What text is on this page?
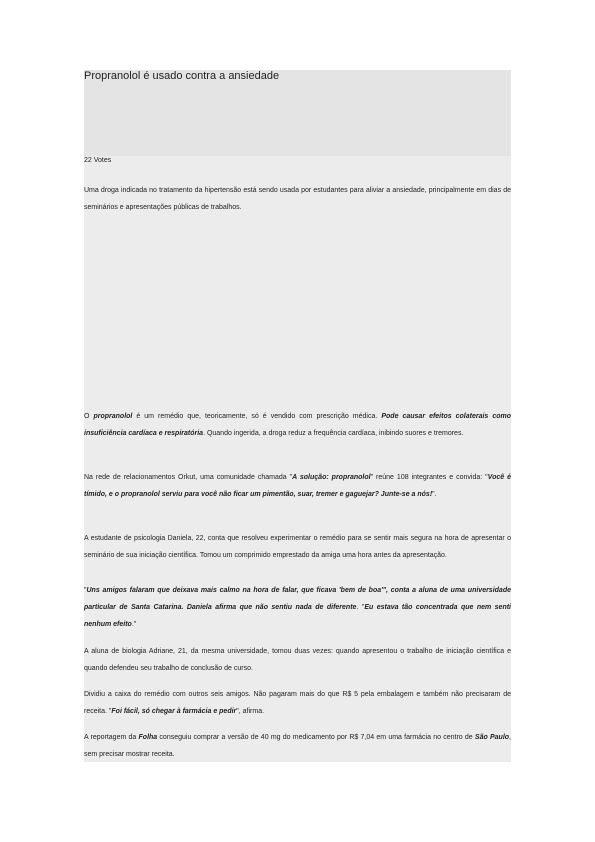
Propranolol é usado contra a ansiedade
22 Votes

Uma droga indicada no tratamento da hipertensão está sendo usada por estudantes para aliviar a ansiedade, principalmente em dias de seminários e apresentações públicas de trabalhos.

O propranolol é um remédio que, teoricamente, só é vendido com prescrição médica. Pode causar efeitos colaterais como insuficiência cardíaca e respiratória. Quando ingerida, a droga reduz a frequência cardíaca, inibindo suores e tremores.

Na rede de relacionamentos Orkut, uma comunidade chamada "A solução: propranolol" reúne 108 integrantes e convida: "Você é tímido, e o propranolol serviu para você não ficar um pimentão, suar, tremer e gaguejar? Junte-se a nós!".

A estudante de psicologia Daniela, 22, conta que resolveu experimentar o remédio para se sentir mais segura na hora de apresentar o seminário de sua iniciação científica. Tomou um comprimido emprestado da amiga uma hora antes da apresentação.

"Uns amigos falaram que deixava mais calmo na hora de falar, que ficava 'bem de boa'", conta a aluna de uma universidade particular de Santa Catarina. Daniela afirma que não sentiu nada de diferente. "Eu estava tão concentrada que nem senti nenhum efeito."

A aluna de biologia Adriane, 21, da mesma universidade, tomou duas vezes: quando apresentou o trabalho de iniciação científica e quando defendeu seu trabalho de conclusão de curso.

Dividiu a caixa do remédio com outros seis amigos. Não pagaram mais do que R$ 5 pela embalagem e também não precisaram de receita. "Foi fácil, só chegar à farmácia e pedir", afirma.

A reportagem da Folha conseguiu comprar a versão de 40 mg do medicamento por R$ 7,04 em uma farmácia no centro de São Paulo, sem precisar mostrar receita.
